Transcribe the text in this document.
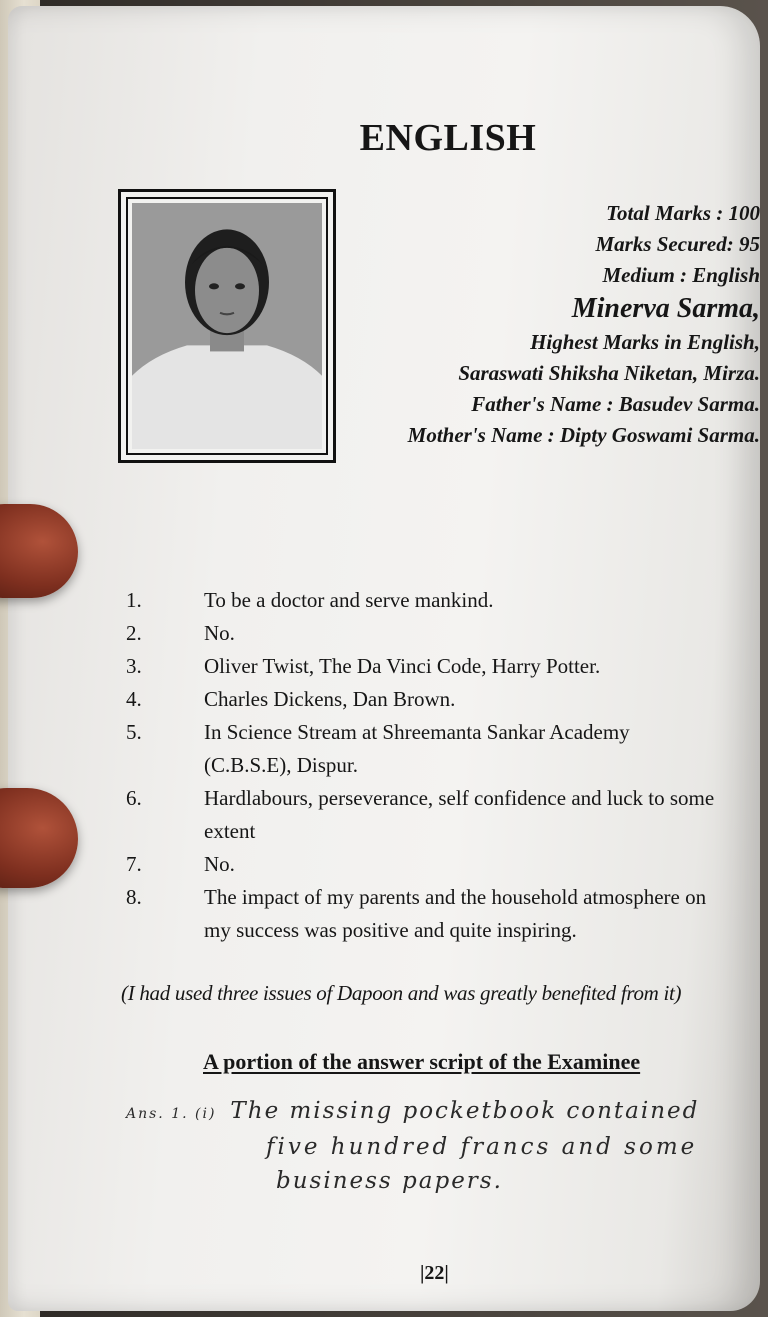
ENGLISH
Total Marks : 100
Marks Secured: 95
Medium : English
Minerva Sarma,
Highest Marks in English,
Saraswati Shiksha Niketan, Mirza.
Father's Name : Basudev Sarma.
Mother's Name : Dipty Goswami Sarma.
1.	To be a doctor and serve mankind.
2.	No.
3.	Oliver Twist, The Da Vinci Code, Harry Potter.
4.	Charles Dickens, Dan Brown.
5.	In Science Stream at Shreemanta Sankar Academy
(C.B.S.E), Dispur.
6.	Hardlabours, perseverance, self confidence and luck to some
extent
7.	No.
8.	The impact of my parents and the household atmosphere on
my success was positive and quite inspiring.
(I had used three issues of Dapoon and was greatly benefited from it)
A portion of the answer script of the Examinee
Ans. 1. (i) The missing pocketbook contained
five hundred francs and some
business papers.
|22|
